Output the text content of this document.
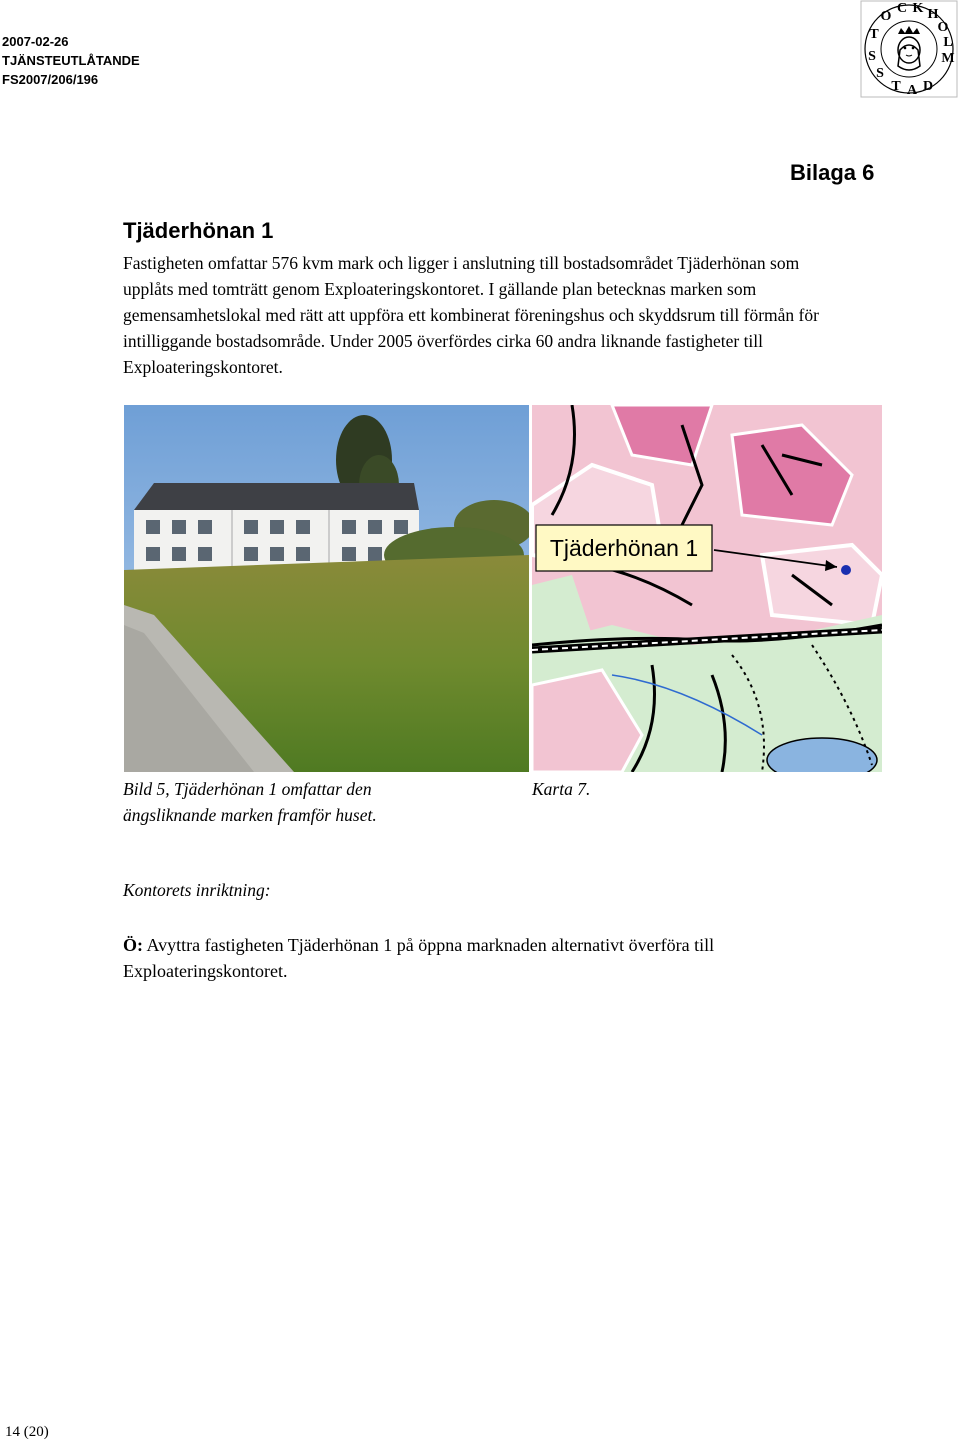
2007-02-26
TJÄNSTEUTLÅTANDE
FS2007/206/196
S
T
O
C K H
O
L
M
S
T A D
Bilaga 6
Tjäderhönan 1
Fastigheten omfattar 576 kvm mark och ligger i anslutning till bostadsområdet Tjäderhönan som upplåts med tomträtt genom Exploateringskontoret. I gällande plan betecknas marken som gemensamhetslokal med rätt att uppföra ett kombinerat föreningshus och skyddsrum till förmån för intilliggande bostadsområde. Under 2005 överfördes cirka 60 andra liknande fastigheter till Exploateringskontoret.
Tjäderhönan 1
Bild 5, Tjäderhönan 1 omfattar den ängsliknande marken framför huset.
Karta 7.
Kontorets inriktning:
Ö: Avyttra fastigheten Tjäderhönan 1 på öppna marknaden alternativt överföra till Exploateringskontoret.
14 (20)
